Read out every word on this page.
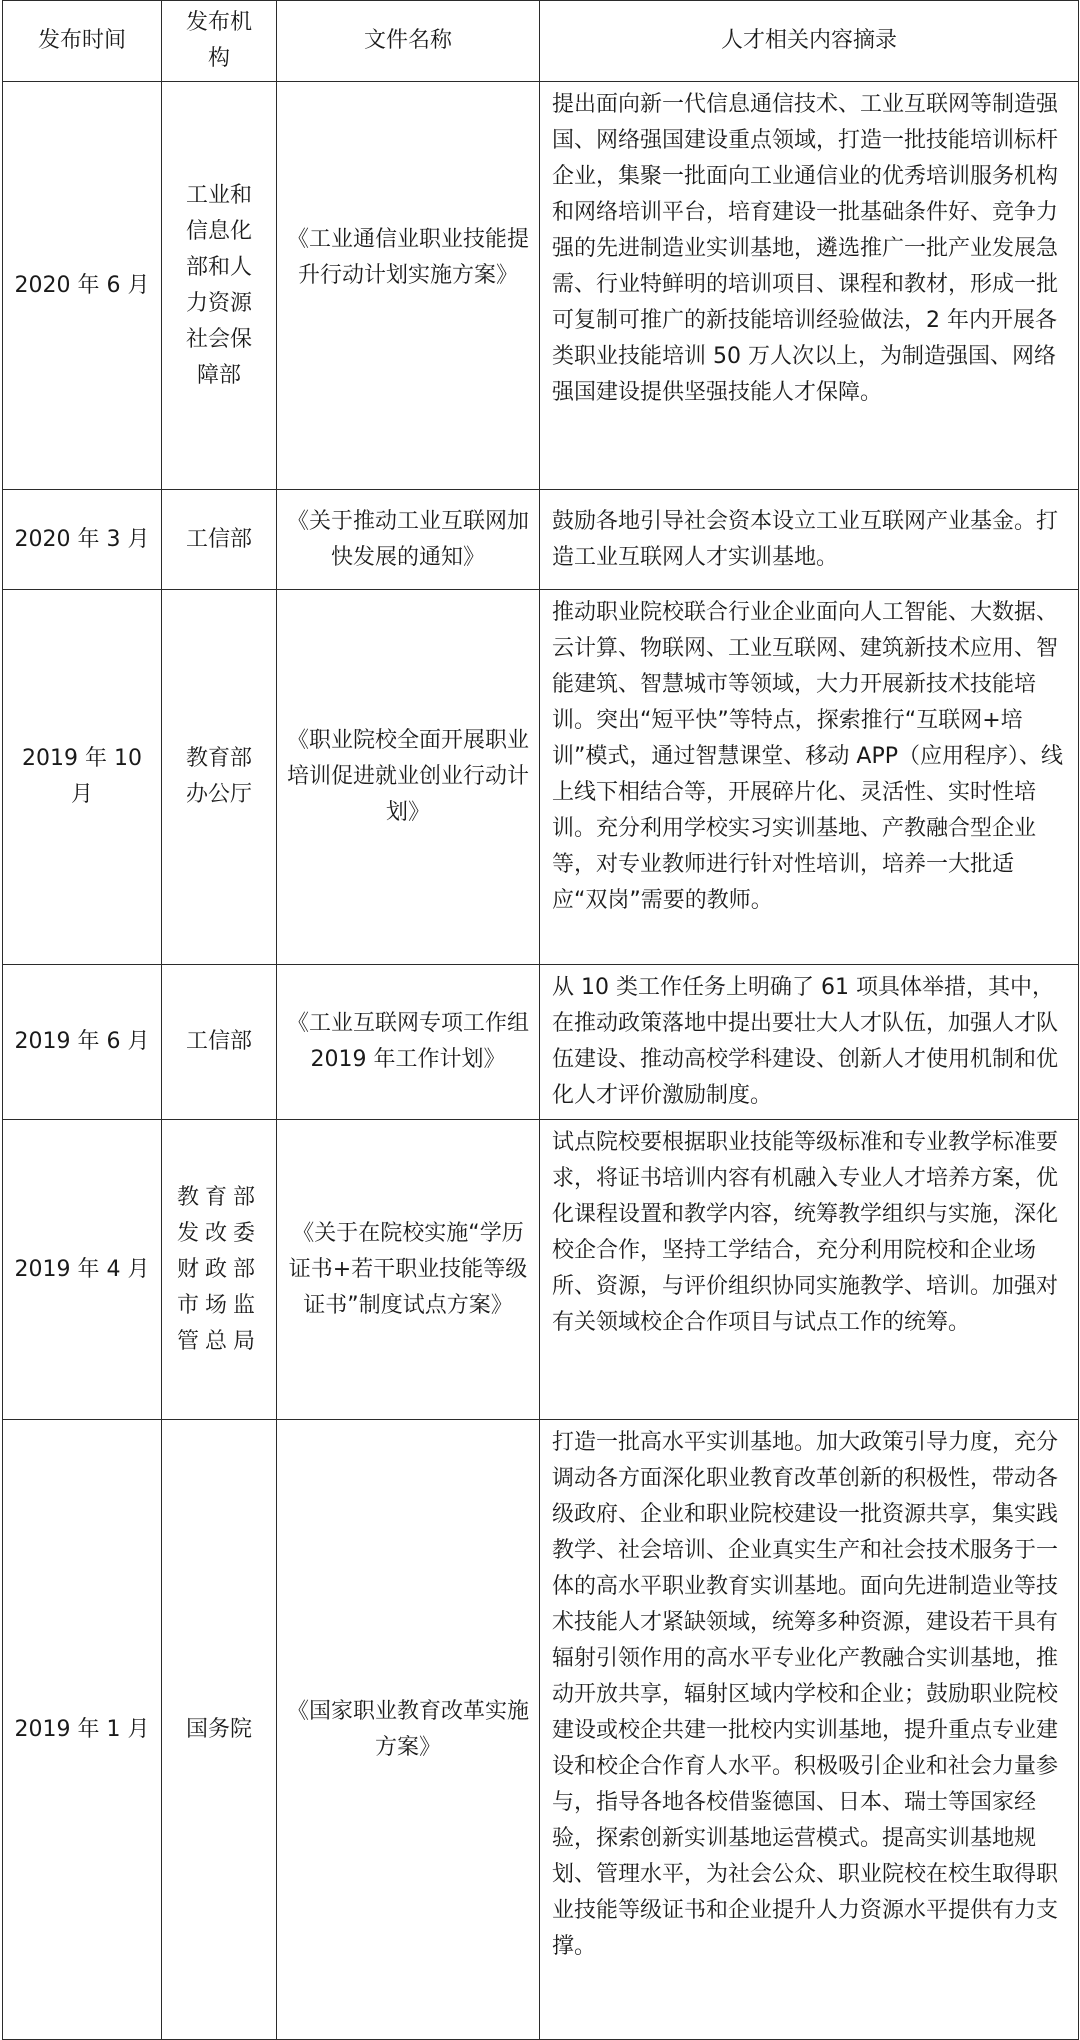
发布时间	发布机构	文件名称	人才相关内容摘录
2020 年 6 月	工业和信息化部和人力资源社会保障部	《工业通信业职业技能提升行动计划实施方案》	提出面向新一代信息通信技术、工业互联网等制造强国、网络强国建设重点领域，打造一批技能培训标杆企业，集聚一批面向工业通信业的优秀培训服务机构和网络培训平台，培育建设一批基础条件好、竞争力强的先进制造业实训基地，遴选推广一批产业发展急需、行业特鲜明的培训项目、课程和教材，形成一批可复制可推广的新技能培训经验做法，2 年内开展各类职业技能培训 50 万人次以上，为制造强国、网络强国建设提供坚强技能人才保障。
2020 年 3 月	工信部	《关于推动工业互联网加快发展的通知》	鼓励各地引导社会资本设立工业互联网产业基金。打造工业互联网人才实训基地。
2019 年 10 月	教育部办公厅	《职业院校全面开展职业培训促进就业创业行动计划》	推动职业院校联合行业企业面向人工智能、大数据、云计算、物联网、工业互联网、建筑新技术应用、智能建筑、智慧城市等领域，大力开展新技术技能培训。突出“短平快”等特点，探索推行“互联网+培训”模式，通过智慧课堂、移动 APP（应用程序）、线上线下相结合等，开展碎片化、灵活性、实时性培训。充分利用学校实习实训基地、产教融合型企业等，对专业教师进行针对性培训，培养一大批适应“双岗”需要的教师。
2019 年 6 月	工信部	《工业互联网专项工作组 2019 年工作计划》	从 10 类工作任务上明确了 61 项具体举措，其中，在推动政策落地中提出要壮大人才队伍，加强人才队伍建设、推动高校学科建设、创新人才使用机制和优化人才评价激励制度。
2019 年 4 月	教育部发改委财政部市场监管总局	《关于在院校实施“学历证书+若干职业技能等级证书”制度试点方案》	试点院校要根据职业技能等级标准和专业教学标准要求，将证书培训内容有机融入专业人才培养方案，优化课程设置和教学内容，统筹教学组织与实施，深化校企合作，坚持工学结合，充分利用院校和企业场所、资源，与评价组织协同实施教学、培训。加强对有关领域校企合作项目与试点工作的统筹。
2019 年 1 月	国务院	《国家职业教育改革实施方案》	打造一批高水平实训基地。加大政策引导力度，充分调动各方面深化职业教育改革创新的积极性，带动各级政府、企业和职业院校建设一批资源共享，集实践教学、社会培训、企业真实生产和社会技术服务于一体的高水平职业教育实训基地。面向先进制造业等技术技能人才紧缺领域，统筹多种资源，建设若干具有辐射引领作用的高水平专业化产教融合实训基地，推动开放共享，辐射区域内学校和企业；鼓励职业院校建设或校企共建一批校内实训基地，提升重点专业建设和校企合作育人水平。积极吸引企业和社会力量参与，指导各地各校借鉴德国、日本、瑞士等国家经验，探索创新实训基地运营模式。提高实训基地规划、管理水平，为社会公众、职业院校在校生取得职业技能等级证书和企业提升人力资源水平提供有力支撑。
